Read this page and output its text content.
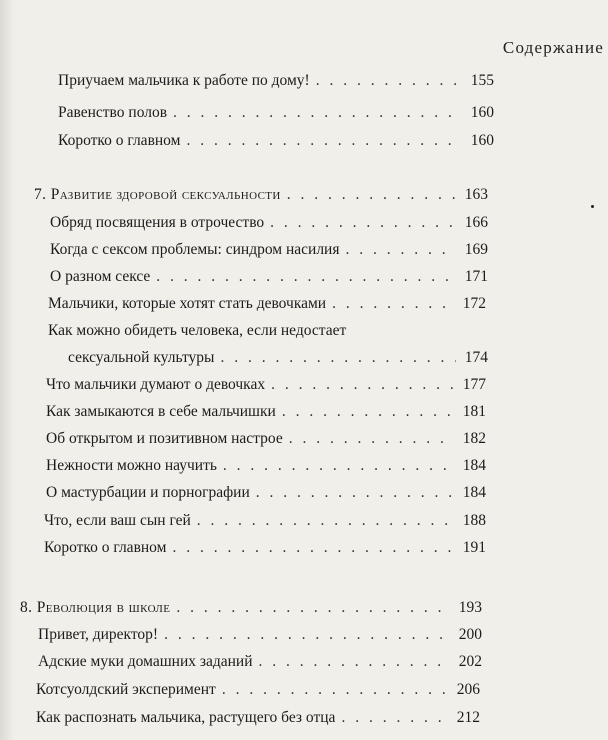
Содержание
Приучаем мальчика к работе по дому! . . .	155
Равенство полов . . .	160
Коротко о главном . . .	160
7. Развитие здоровой сексуальности . . .	163
Обряд посвящения в отрочество . . .	166
Когда с сексом проблемы: синдром насилия . . .	169
О разном сексе . . .	171
Мальчики, которые хотят стать девочками . . .	172
Как можно обидеть человека, если недостает
сексуальной культуры . . .	174
Что мальчики думают о девочках . . .	177
Как замыкаются в себе мальчишки . . .	181
Об открытом и позитивном настрое . . .	182
Нежности можно научить . . .	184
О мастурбации и порнографии . . .	184
Что, если ваш сын гей . . .	188
Коротко о главном . . .	191
8. Революция в школе . . .	193
Привет, директор! . . .	200
Адские муки домашних заданий . . .	202
Котсуолдский эксперимент . . .	206
Как распознать мальчика, растущего без отца . . .	212
